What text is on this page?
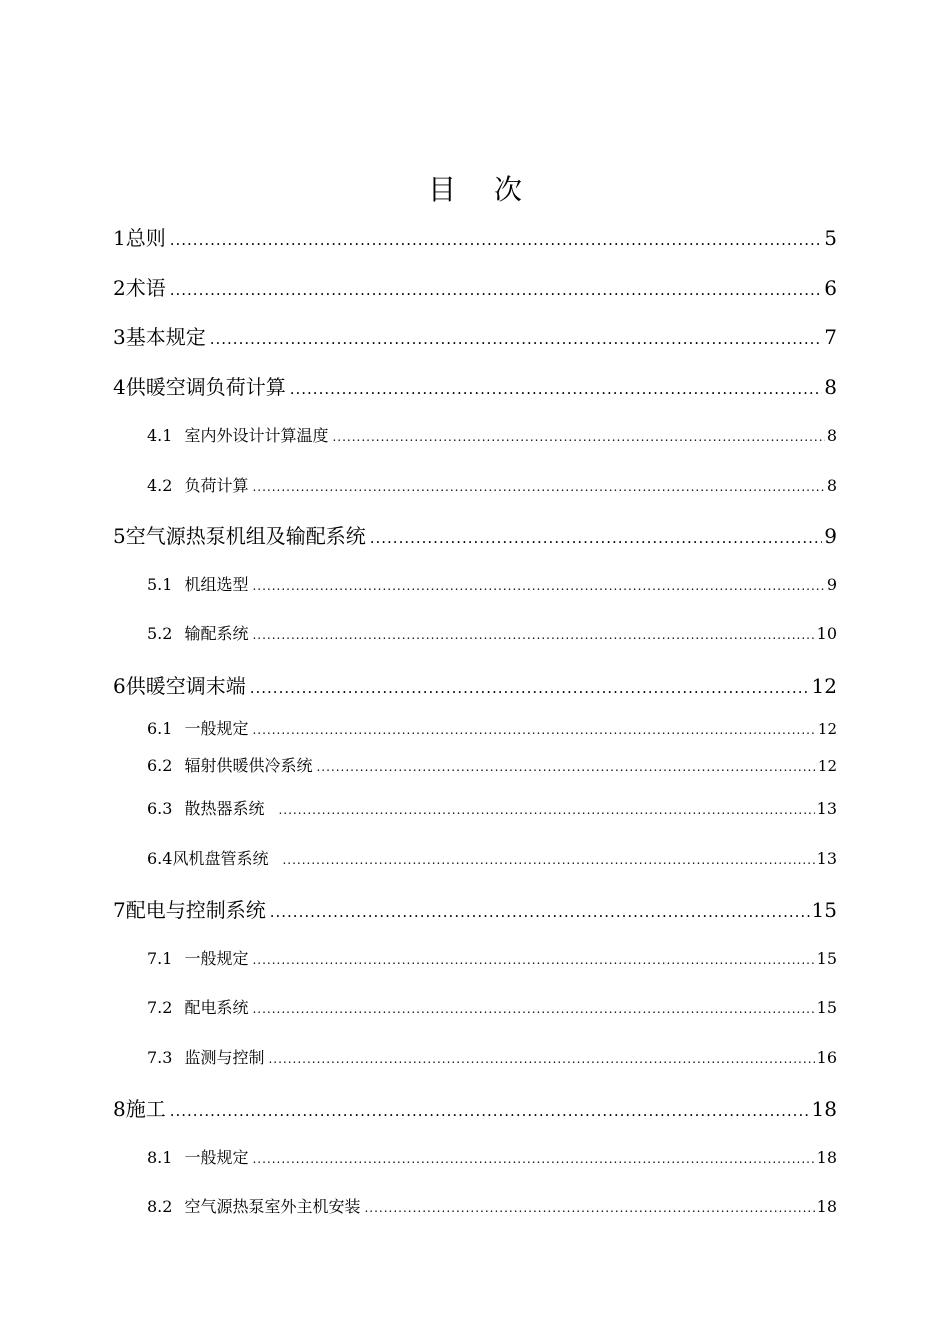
目 次
1 总则 .....	5
2 术语 .....	6
3 基本规定 .....	7
4 供暖空调负荷计算 .....	8
4.1 室内外设计计算温度 .....	8
4.2 负荷计算 .....	8
5 空气源热泵机组及输配系统 .....	9
5.1 机组选型 .....	9
5.2 输配系统 .....	10
6 供暖空调末端 .....	12
6.1 一般规定 .....	12
6.2 辐射供暖供冷系统 .....	12
6.3 散热器系统 .....	13
6.4 风机盘管系统 .....	13
7 配电与控制系统 .....	15
7.1 一般规定 .....	15
7.2 配电系统 .....	15
7.3 监测与控制 .....	16
8 施工 .....	18
8.1 一般规定 .....	18
8.2 空气源热泵室外主机安装 .....	18
